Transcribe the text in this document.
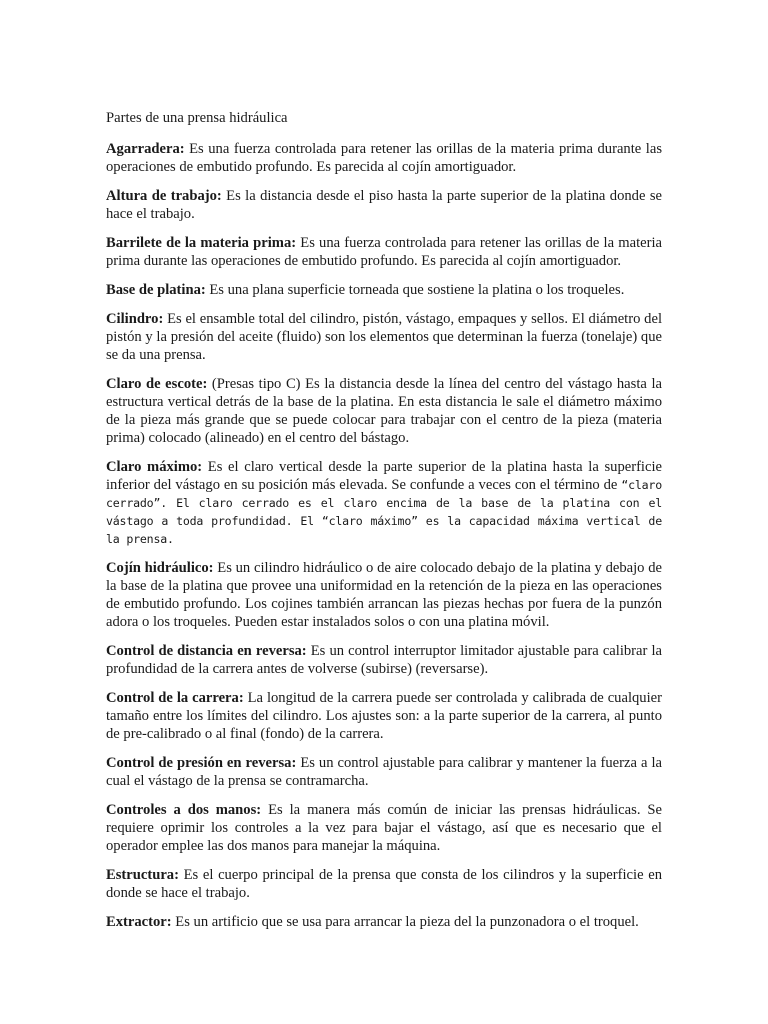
Partes de una prensa hidráulica

Agarradera: Es una fuerza controlada para retener las orillas de la materia prima durante las operaciones de embutido profundo. Es parecida al cojín amortiguador.

Altura de trabajo: Es la distancia desde el piso hasta la parte superior de la platina donde se hace el trabajo.

Barrilete de la materia prima: Es una fuerza controlada para retener las orillas de la materia prima durante las operaciones de embutido profundo. Es parecida al cojín amortiguador.

Base de platina: Es una plana superficie torneada que sostiene la platina o los troqueles.

Cilindro: Es el ensamble total del cilindro, pistón, vástago, empaques y sellos. El diámetro del pistón y la presión del aceite (fluido) son los elementos que determinan la fuerza (tonelaje) que se da una prensa.

Claro de escote: (Presas tipo C) Es la distancia desde la línea del centro del vástago hasta la estructura vertical detrás de la base de la platina. En esta distancia le sale el diámetro máximo de la pieza más grande que se puede colocar para trabajar con el centro de la pieza (materia prima) colocado (alineado) en el centro del bástago.

Claro máximo: Es el claro vertical desde la parte superior de la platina hasta la superficie inferior del vástago en su posición más elevada. Se confunde a veces con el término de “claro cerrado”. El claro cerrado es el claro encima de la base de la platina con el vástago a toda profundidad. El “claro máximo” es la capacidad máxima vertical de la prensa.

Cojín hidráulico: Es un cilindro hidráulico o de aire colocado debajo de la platina y debajo de la base de la platina que provee una uniformidad en la retención de la pieza en las operaciones de embutido profundo. Los cojines también arrancan las piezas hechas por fuera de la punzón adora o los troqueles. Pueden estar instalados solos o con una platina móvil.

Control de distancia en reversa: Es un control interruptor limitador ajustable para calibrar la profundidad de la carrera antes de volverse (subirse) (reversarse).

Control de la carrera: La longitud de la carrera puede ser controlada y calibrada de cualquier tamaño entre los límites del cilindro. Los ajustes son: a la parte superior de la carrera, al punto de pre-calibrado o al final (fondo) de la carrera.

Control de presión en reversa: Es un control ajustable para calibrar y mantener la fuerza a la cual el vástago de la prensa se contramarcha.

Controles a dos manos: Es la manera más común de iniciar las prensas hidráulicas. Se requiere oprimir los controles a la vez para bajar el vástago, así que es necesario que el operador emplee las dos manos para manejar la máquina.

Estructura: Es el cuerpo principal de la prensa que consta de los cilindros y la superficie en donde se hace el trabajo.

Extractor: Es un artificio que se usa para arrancar la pieza del la punzonadora o el troquel.
